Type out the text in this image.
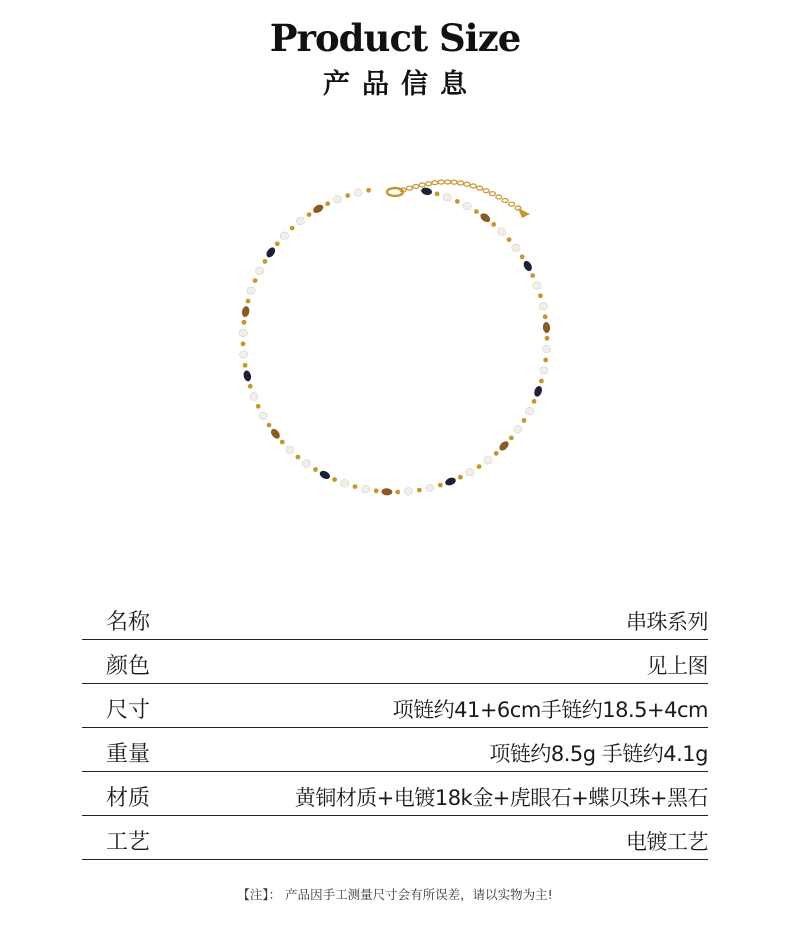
Product Size
产品信息
名称	串珠系列
颜色	见上图
尺寸	项链约41+6cm手链约18.5+4cm
重量	项链约8.5g 手链约4.1g
材质	黄铜材质+电镀18k金+虎眼石+蝶贝珠+黑石
工艺	电镀工艺
【注】： 产品因手工测量尺寸会有所误差，请以实物为主!
